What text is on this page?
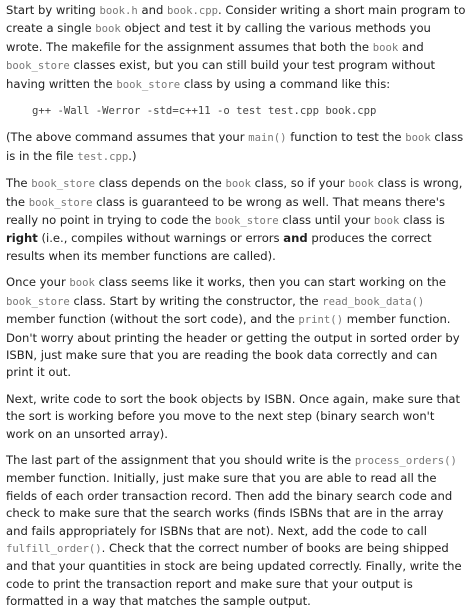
Start by writing book.h and book.cpp. Consider writing a short main program to create a single book object and test it by calling the various methods you wrote. The makefile for the assignment assumes that both the book and book_store classes exist, but you can still build your test program without having written the book_store class by using a command like this:

g++ -Wall -Werror -std=c++11 -o test test.cpp book.cpp

(The above command assumes that your main() function to test the book class is in the file test.cpp.)

The book_store class depends on the book class, so if your book class is wrong, the book_store class is guaranteed to be wrong as well. That means there's really no point in trying to code the book_store class until your book class is right (i.e., compiles without warnings or errors and produces the correct results when its member functions are called).

Once your book class seems like it works, then you can start working on the book_store class. Start by writing the constructor, the read_book_data() member function (without the sort code), and the print() member function. Don't worry about printing the header or getting the output in sorted order by ISBN, just make sure that you are reading the book data correctly and can print it out.

Next, write code to sort the book objects by ISBN. Once again, make sure that the sort is working before you move to the next step (binary search won't work on an unsorted array).

The last part of the assignment that you should write is the process_orders() member function. Initially, just make sure that you are able to read all the fields of each order transaction record. Then add the binary search code and check to make sure that the search works (finds ISBNs that are in the array and fails appropriately for ISBNs that are not). Next, add the code to call fulfill_order(). Check that the correct number of books are being shipped and that your quantities in stock are being updated correctly. Finally, write the code to print the transaction report and make sure that your output is formatted in a way that matches the sample output.
